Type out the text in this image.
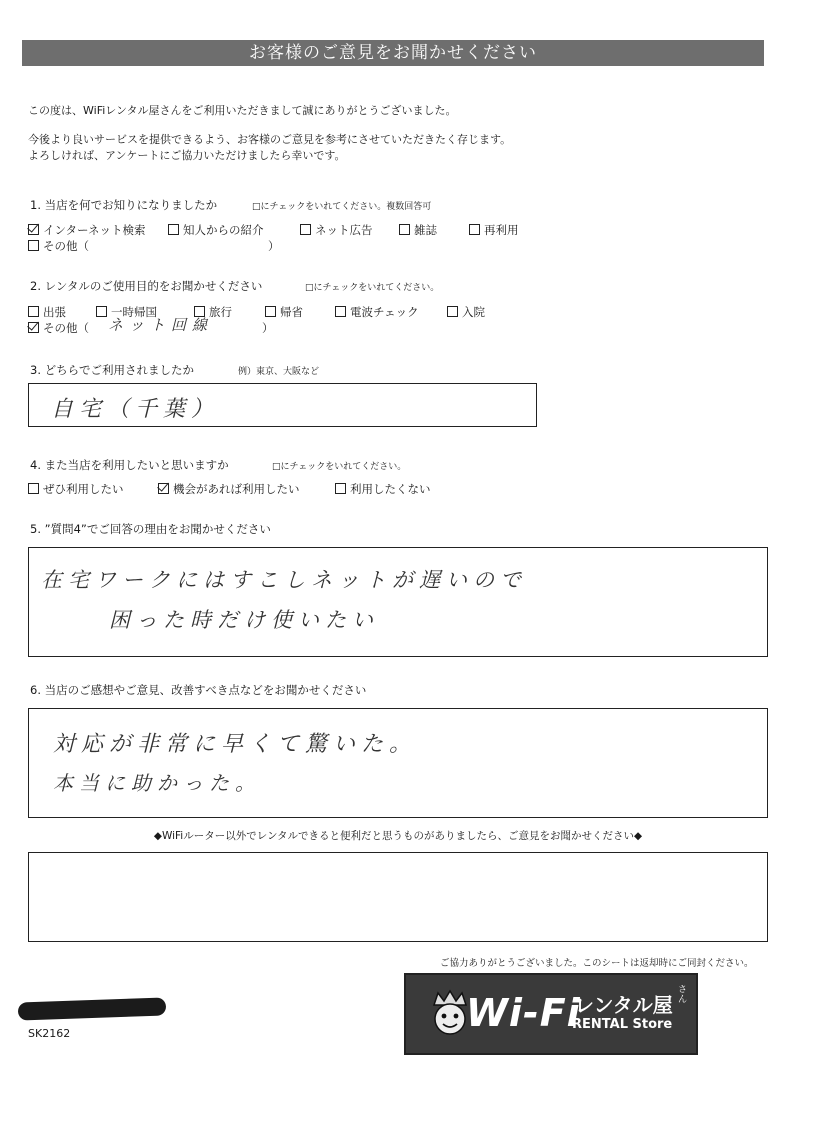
お客様のご意見をお聞かせください
この度は、WiFiレンタル屋さんをご利用いただきまして誠にありがとうございました。
今後より良いサービスを提供できるよう、お客様のご意見を参考にさせていただきたく存じます。
よろしければ、アンケートにご協力いただけましたら幸いです。
1. 当店を何でお知りになりましたか	□にチェックをいれてください。複数回答可
インターネット検索	知人からの紹介	ネット広告	雑誌	再利用
その他（	）
2. レンタルのご使用目的をお聞かせください	□にチェックをいれてください。
出張	一時帰国	旅行	帰省	電波チェック	入院
その他（ ネット回線	）
3. どちらでご利用されましたか	例）東京、大阪など
自宅（千葉）
4. また当店を利用したいと思いますか	□にチェックをいれてください。
ぜひ利用したい	機会があれば利用したい	利用したくない
5. ”質問4”でご回答の理由をお聞かせください
在宅ワークにはすこしネットが遅いので
困った時だけ使いたい
6. 当店のご感想やご意見、改善すべき点などをお聞かせください
対応が非常に早くて驚いた。
本当に助かった。
◆WiFiルーター以外でレンタルできると便利だと思うものがありましたら、ご意見をお聞かせください◆
ご協力ありがとうございました。このシートは返却時にご同封ください。
SK2162	Wi-Fi
レンタル屋
さん
RENTAL Store
